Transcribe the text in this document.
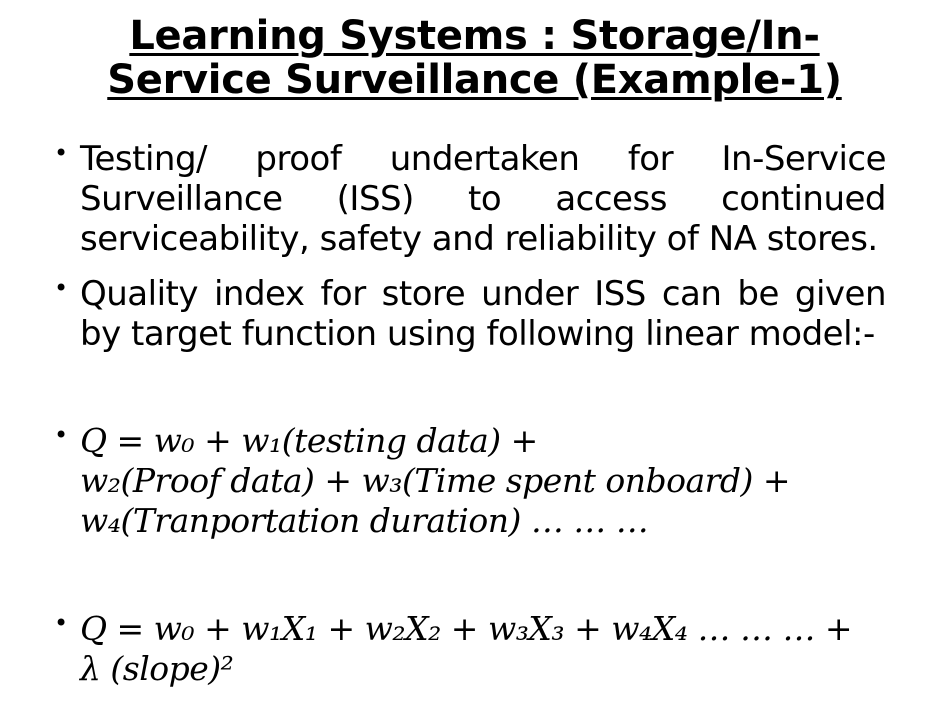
Learning Systems : Storage/In-
Service Surveillance (Example-1)
• Testing/ proof undertaken for In-Service Surveillance (ISS) to access continued serviceability, safety and reliability of NA stores.
• Quality index for store under ISS can be given by target function using following linear model:-
• Q = w₀ + w₁(testing data) +
w₂(Proof data) + w₃(Time spent onboard) +
w₄(Tranportation duration) … … …
• Q = w₀ + w₁X₁ + w₂X₂ + w₃X₃ + w₄X₄ … … … +
λ (slope)²
